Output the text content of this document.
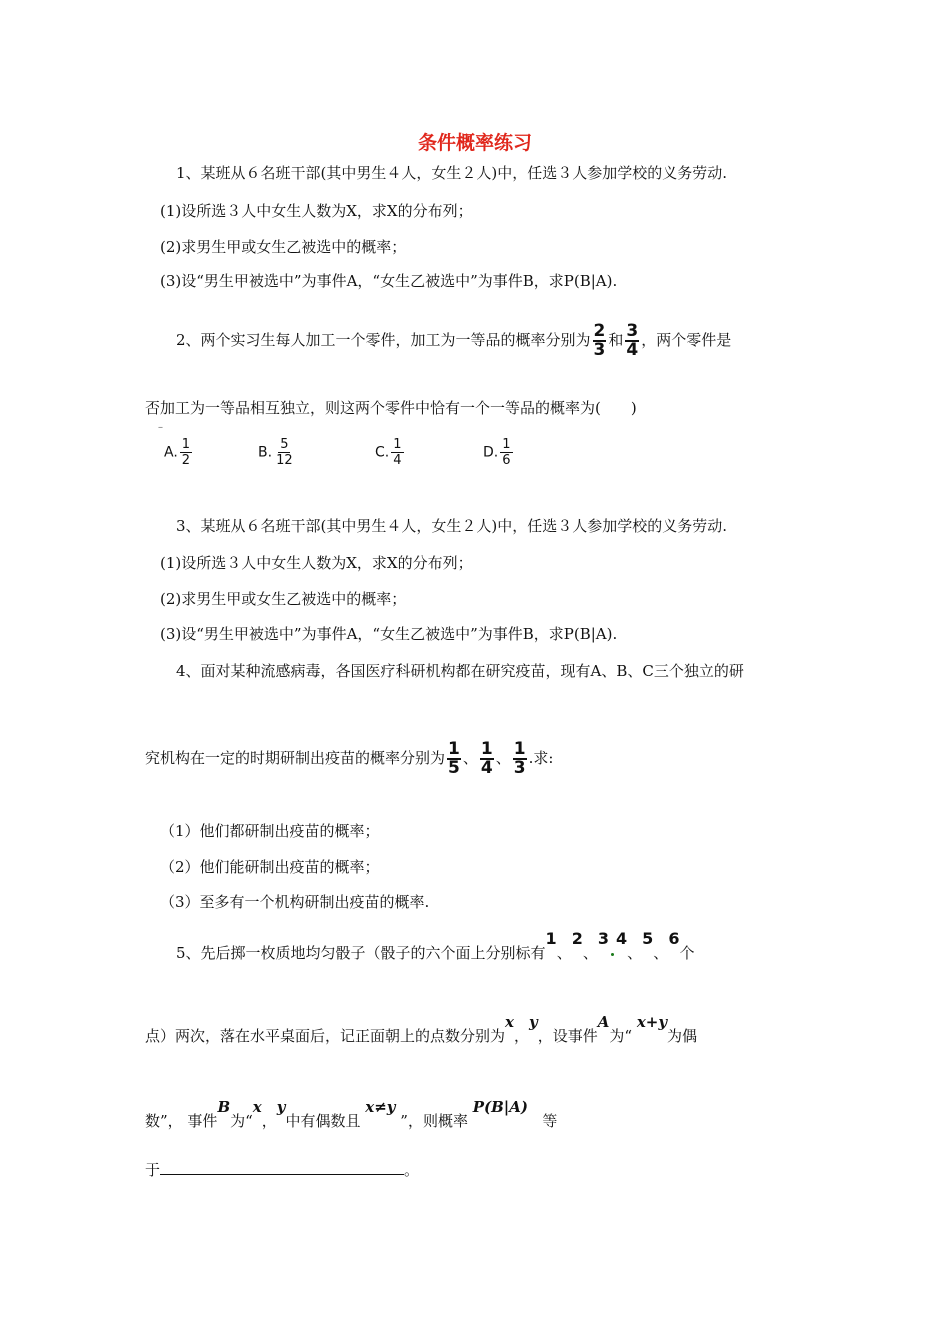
条件概率练习
1、某班从６名班干部(其中男生４人，女生２人)中，任选３人参加学校的义务劳动.
(1)设所选３人中女生人数为X，求X的分布列；
(2)求男生甲或女生乙被选中的概率；
(3)设“男生甲被选中”为事件A，“女生乙被选中”为事件B，求P(B|A).
2、两个实习生每人加工一个零件，加工为一等品的概率分别为 $\frac{2}{3}$ 和 $\frac{3}{4}$ ，两个零件是
否加工为一等品相互独立，则这两个零件中恰有一个一等品的概率为(　　)
–
A. $\frac{1}{2}$	B. $\frac{5}{12}$	C. $\frac{1}{4}$	D. $\frac{1}{6}$
3、某班从６名班干部(其中男生４人，女生２人)中，任选３人参加学校的义务劳动.
(1)设所选３人中女生人数为X，求X的分布列；
(2)求男生甲或女生乙被选中的概率；
(3)设“男生甲被选中”为事件A，“女生乙被选中”为事件B，求P(B|A).
4、面对某种流感病毒，各国医疗科研机构都在研究疫苗，现有A、B、C三个独立的研
究机构在一定的时期研制出疫苗的概率分别为 $\frac{1}{5}$ 、 $\frac{1}{4}$ 、 $\frac{1}{3}$ .求:
（1）他们都研制出疫苗的概率；
（2）他们能研制出疫苗的概率；
（3）至多有一个机构研制出疫苗的概率.
5、先后掷一枚质地均匀骰子（骰子的六个面上分别标有1、2、3 4、5、6个
点）两次，落在水平桌面后，记正面朝上的点数分别为x，y，设事件A为“ x+y为偶
数”， 事件B为“x，y中有偶数且 x≠y ”，则概率 P(B|A)   等
于	。
